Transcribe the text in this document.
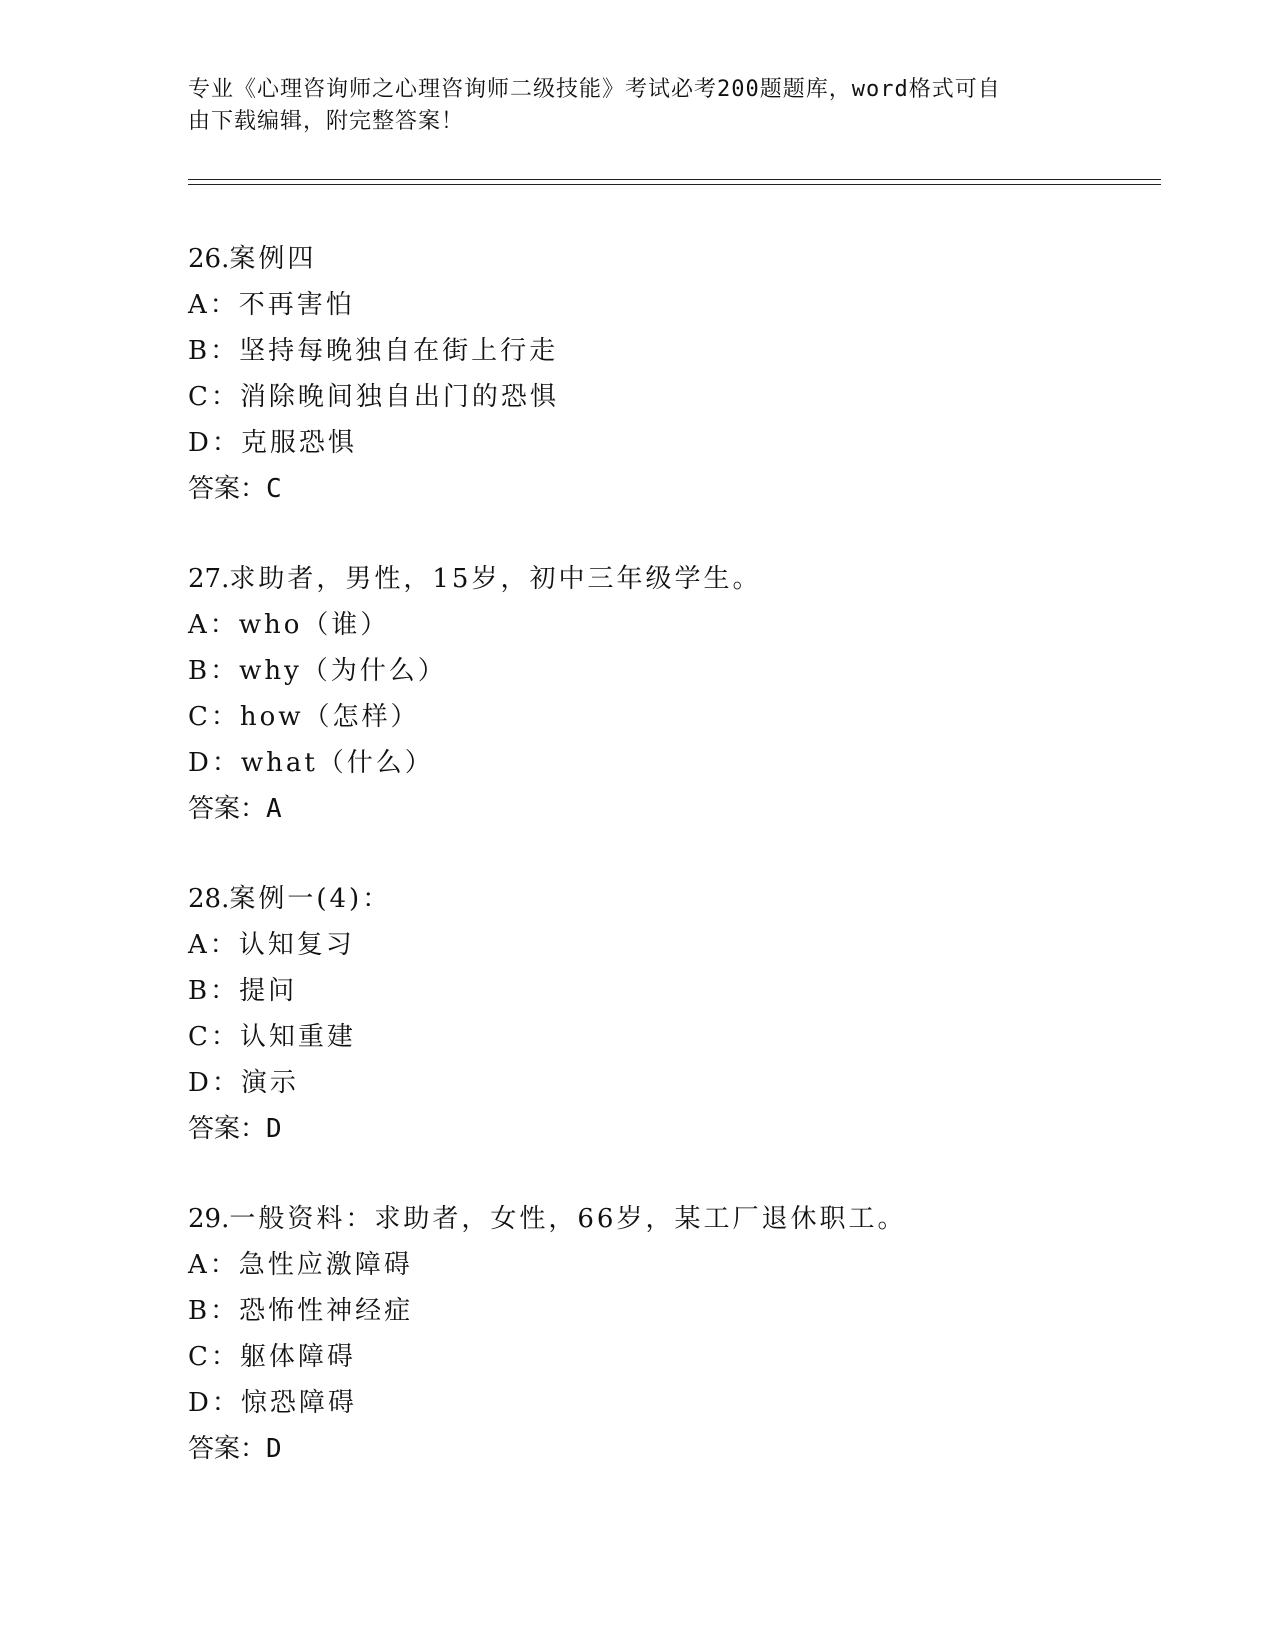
专业《心理咨询师之心理咨询师二级技能》考试必考200题题库，word格式可自
由下载编辑，附完整答案！
26.案例四
A：不再害怕
B：坚持每晚独自在街上行走
C：消除晚间独自出门的恐惧
D：克服恐惧
答案：C
27.求助者，男性，15岁，初中三年级学生。
A：who（谁）
B：why（为什么）
C：how（怎样）
D：what（什么）
答案：A
28.案例一(4)：
A：认知复习
B：提问
C：认知重建
D：演示
答案：D
29.一般资料：求助者，女性，66岁，某工厂退休职工。
A：急性应激障碍
B：恐怖性神经症
C：躯体障碍
D：惊恐障碍
答案：D
